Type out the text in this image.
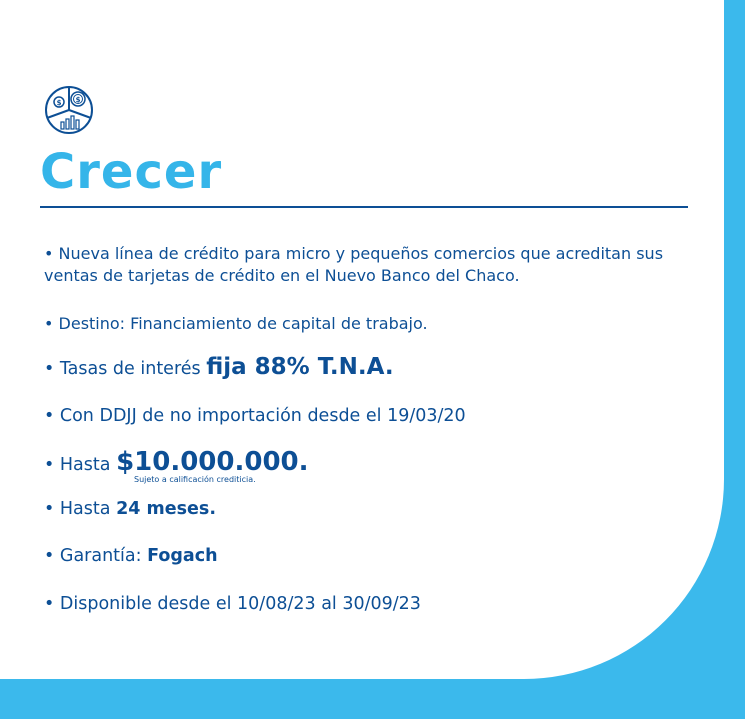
$ $
Crecer
• Nueva línea de crédito para micro y pequeños comercios que acreditan sus ventas de tarjetas de crédito en el Nuevo Banco del Chaco.
• Destino: Financiamiento de capital de trabajo.
• Tasas de interés fija 88% T.N.A.
• Con DDJJ de no importación desde el 19/03/20
• Hasta $10.000.000.
Sujeto a calificación crediticia.
• Hasta 24 meses.
• Garantía: Fogach
• Disponible desde el 10/08/23 al 30/09/23
